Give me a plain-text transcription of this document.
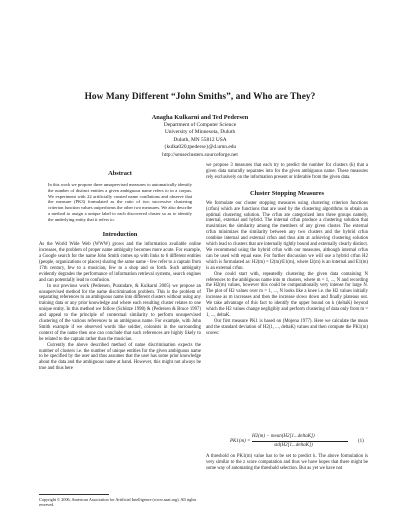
How Many Different “John Smiths”, and Who are They?
Anagha Kulkarni and Ted Pedersen
Department of Computer Science
University of Minnesota, Duluth
Duluth, MN 55812 USA
{kulka020,tpederse}@d.umn.edu
http://senseclusters.sourceforge.net
Abstract

In this work we propose three unsupervised measures to automatically identify the number of distinct entities a given ambiguous name refers to in a corpus. We experiment with 22 artificially created name conflations and observe that the measure (PK3) formulated as the ratio of two successive clustering criterion function values outperforms the other two measures. We also describe a method to assign a unique label to each discovered cluster so as to identify the underlying entity that it refers to.

Introduction

As the World Wide Web (WWW) grows and the information available online increases, the problem of proper name ambiguity becomes more acute. For example, a Google search for the name John Smith comes up with links to 6 different entities (people, organizations or places) sharing the same name - few refer to a captain from 17th century, few to a musician, few to a shop and so forth. Such ambiguity evidently degrades the performance of information retrieval systems, search engines and can potentially lead to confusion.

In our previous work (Pedersen, Purandare, & Kulkarni 2005) we propose an unsupervised method for the name discrimination problem. This is the problem of separating references to an ambiguous name into different clusters without using any training data or any prior knowledge and where each resulting cluster relates to one unique entity. In this method we follow (Schütze 1998) & (Pedersen & Bruce 1997) and appeal to the principle of contextual similarity to perform unsupervised clustering of the various references to an ambiguous name. For example, with John Smith example if we observed words like soldier, colonists in the surrounding context of the name then one can conclude that such references are highly likely to be related to the captain rather than the musician.

Currently the above described method of name discrimination expects the number of clusters i.e. the number of unique entities for the given ambiguous name to be specified by the user and thus assumes that the user has some prior knowledge about the data and the ambiguous name at hand. However, this might not always be true and thus here

Copyright © 2006, American Association for Artificial Intelligence (www.aaai.org). All rights reserved.

we propose 3 measures that each try to predict the number for clusters (k) that a given data naturally separates into for the given ambiguous name. These measures rely exclusively on the information present or inferable from the given data.

Cluster Stopping Measures

We formulate our cluster stopping measures using clustering criterion functions (crfun) which are functions that are used by the clustering algorithms to obtain an optimal clustering solution. The crfun are categorized into three groups namely, internal, external and hybrid. The internal crfun produce a clustering solution that maximizes the similarity among the members of any given cluster. The external crfun minimizes the similarity between any two clusters and the hybrid crfun combine internal and external crfun and thus aim at achieving clustering solution which lead to clusters that are internally tightly bound and externally clearly distinct. We recommend using the hybrid crfun with our measures, although internal crfun can be used with equal ease. For further discussion we will use a hybrid crfun H2 which is formulated as: H2(m) = I2(m)/E1(m), where I2(m) is an internal and E1(m) is an external crfun.

One could start with, repeatedly clustering the given data containing N references to the ambiguous name into m clusters, where m = 1, ..., N and recording the H2(m) values, however this could be computationally very intense for large N. The plot of H2 values over m = 1, ..., N looks like a knee i.e. the H2 values initially increase as m increases and then the increase slows down and finally plateaus out. We take advantage of this fact to identify the upper bound on k (deltaK) beyond which the H2 values change negligibly and perform clustering of data only from m = 1, ..., deltaK.

Our first measure PK1 is based on (Mojena 1977). Here we calculate the mean and the standard deviation of H2(1, ..., deltaK) values and then compute the PK1(m) scores:

PK1(m) =
H2(m) − mean(H2[1...deltaK])
std(H2[1...deltaK])
(1)

A threshold on PK1(m) value has to be set to predict k. The above formulation is very similar to the z score computation and thus we have hopes that there might be some way of automating the threshold selection. But as yet we have not
